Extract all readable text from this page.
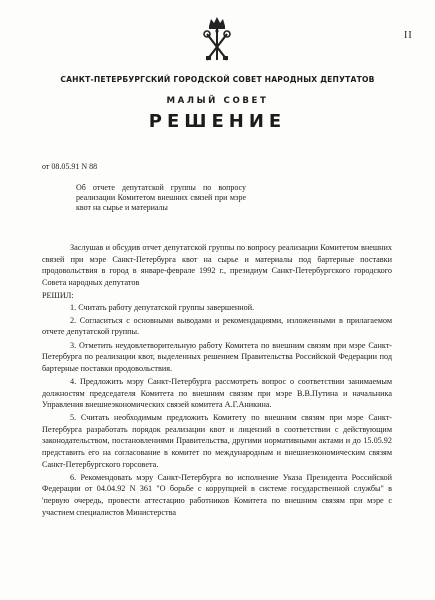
II
САНКТ-ПЕТЕРБУРГСКИЙ ГОРОДСКОЙ СОВЕТ НАРОДНЫХ ДЕПУТАТОВ
МАЛЫЙ СОВЕТ
РЕШЕНИЕ
от 08.05.91 N 88
Об отчете депутатской группы по вопросу реализации Комитетом внешних связей при мэре квот на сырье и материалы

Заслушав и обсудив отчет депутатской группы по вопросу реализации Комитетом внешних связей при мэре Санкт-Петербурга квот на сырье и материалы под бартерные поставки продовольствия в город в январе-феврале 1992 г., президиум Санкт-Петербургского городского Совета народных депутатов

РЕШИЛ:

1. Считать работу депутатской группы завершенной.

2. Согласиться с основными выводами и рекомендациями, изложенными в прилагаемом отчете депутатской группы.

3. Отметить неудовлетворительную работу Комитета по внешним связям при мэре Санкт-Петербурга по реализации квот, выделенных решением Правительства Российской Федерации под бартерные поставки продовольствия.

4. Предложить мэру Санкт-Петербурга рассмотреть вопрос о соответствии занимаемым должностям председателя Комитета по внешним связям при мэре В.В.Путина и начальника Управления внешнеэкономических связей комитета А.Г.Аникина.

5. Считать необходимым предложить Комитету по внешним связям при мэре Санкт-Петербурга разработать порядок реализации квот и лицензий в соответствии с действующим законодательством, постановлениями Правительства, другими нормативными актами и до 15.05.92 представить его на согласование в комитет по международным и внешнеэкономическим связям Санкт-Петербургского горсовета.

6. Рекомендовать мэру Санкт-Петербурга во исполнение Указа Президента Российской Федерации от 04.04.92 N 361 "О борьбе с коррупцией в системе государственной службы" в 'первую очередь, провести аттестацию работников Комитета по внешним связям при мэре с участием специалистов Министерства
